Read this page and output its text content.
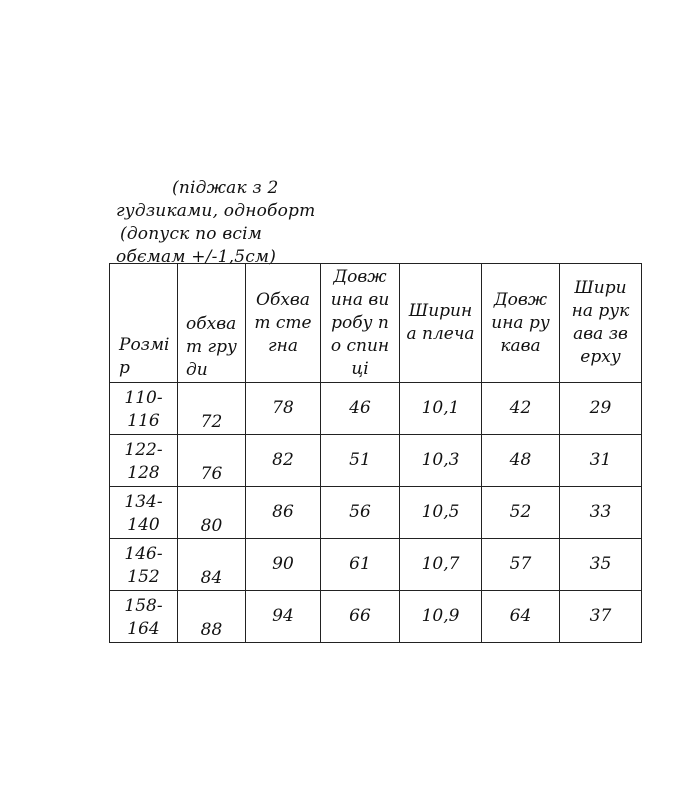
(піджак з 2
гудзиками, одноборт
(допуск по всім
обємам +/-1,5см)
Розмір	обхват груди	Обхват стегна	Довжина виробу по спинці	Ширина плеча	Довжина рукава	Ширина рукава зверху
110-116	72	78	46	10,1	42	29
122-128	76	82	51	10,3	48	31
134-140	80	86	56	10,5	52	33
146-152	84	90	61	10,7	57	35
158-164	88	94	66	10,9	64	37
